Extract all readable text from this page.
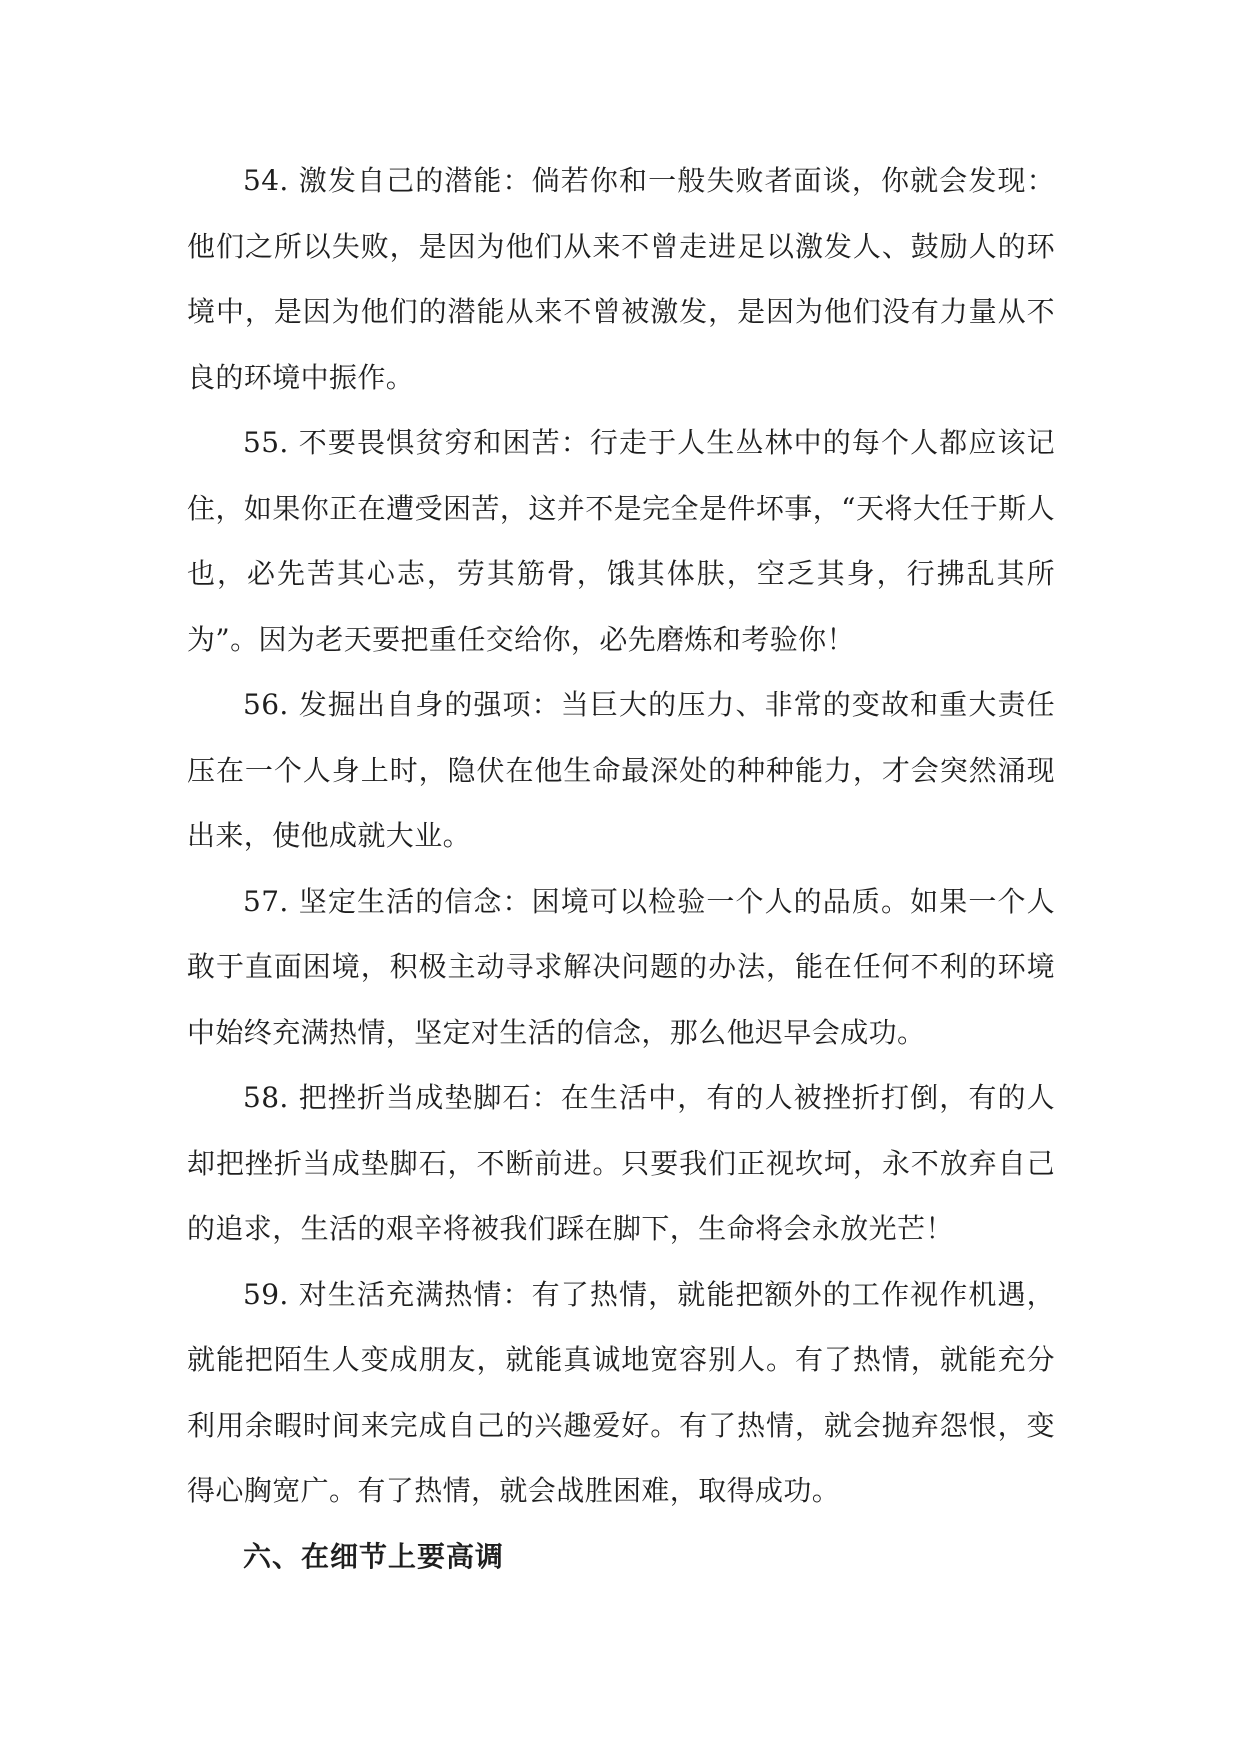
54. 激发自己的潜能：倘若你和一般失败者面谈，你就会发现：他们之所以失败，是因为他们从来不曾走进足以激发人、鼓励人的环境中，是因为他们的潜能从来不曾被激发，是因为他们没有力量从不良的环境中振作。

55. 不要畏惧贫穷和困苦：行走于人生丛林中的每个人都应该记住，如果你正在遭受困苦，这并不是完全是件坏事，“天将大任于斯人也，必先苦其心志，劳其筋骨，饿其体肤，空乏其身，行拂乱其所为”。因为老天要把重任交给你，必先磨炼和考验你！

56. 发掘出自身的强项：当巨大的压力、非常的变故和重大责任压在一个人身上时，隐伏在他生命最深处的种种能力，才会突然涌现出来，使他成就大业。

57. 坚定生活的信念：困境可以检验一个人的品质。如果一个人敢于直面困境，积极主动寻求解决问题的办法，能在任何不利的环境中始终充满热情，坚定对生活的信念，那么他迟早会成功。

58. 把挫折当成垫脚石：在生活中，有的人被挫折打倒，有的人却把挫折当成垫脚石，不断前进。只要我们正视坎坷，永不放弃自己的追求，生活的艰辛将被我们踩在脚下，生命将会永放光芒！

59. 对生活充满热情：有了热情，就能把额外的工作视作机遇，就能把陌生人变成朋友，就能真诚地宽容别人。有了热情，就能充分利用余暇时间来完成自己的兴趣爱好。有了热情，就会抛弃怨恨，变得心胸宽广。有了热情，就会战胜困难，取得成功。

六、在细节上要高调
